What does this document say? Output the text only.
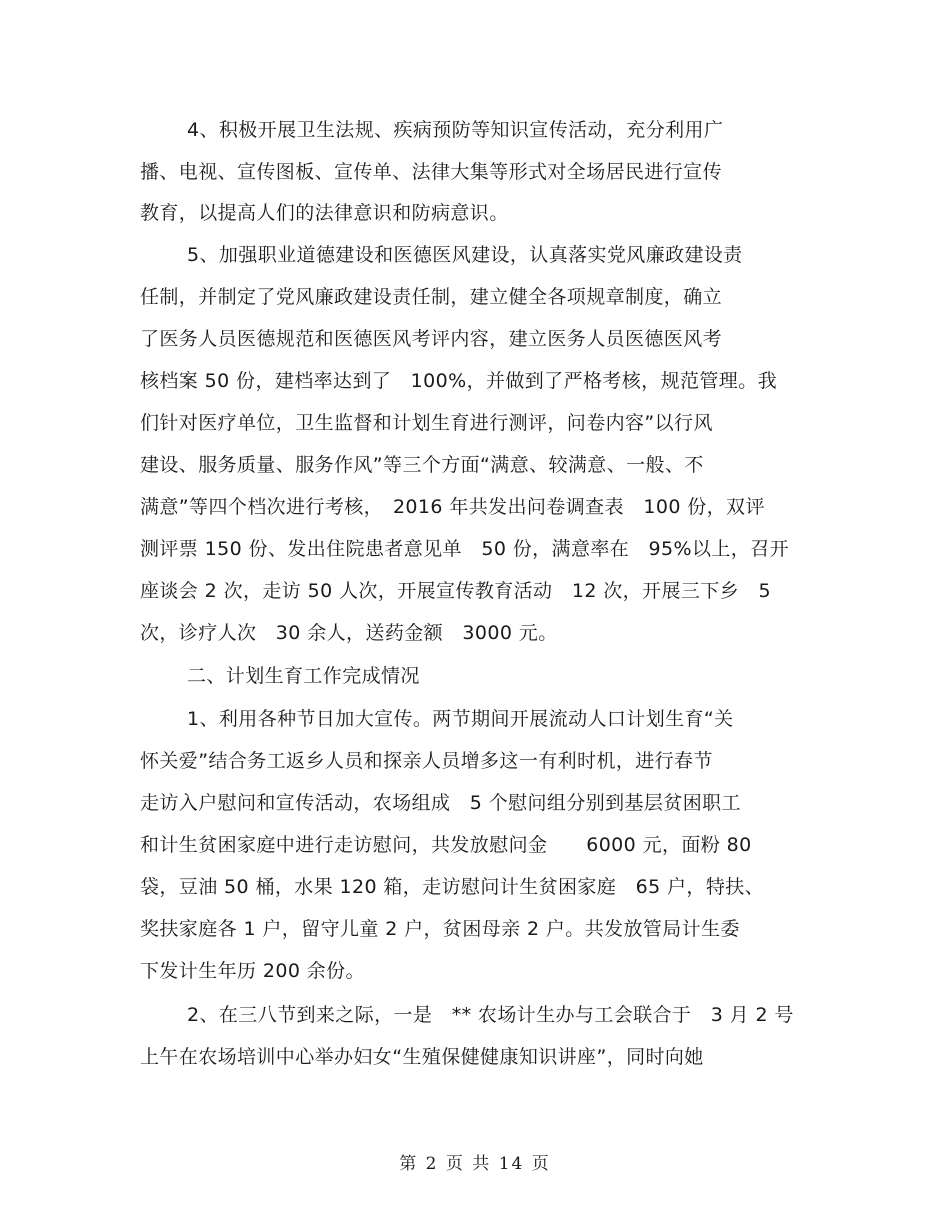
4、积极开展卫生法规、疾病预防等知识宣传活动，充分利用广

播、电视、宣传图板、宣传单、法律大集等形式对全场居民进行宣传

教育，以提高人们的法律意识和防病意识。

5、加强职业道德建设和医德医风建设，认真落实党风廉政建设责

任制，并制定了党风廉政建设责任制，建立健全各项规章制度，确立

了医务人员医德规范和医德医风考评内容，建立医务人员医德医风考

核档案 50 份，建档率达到了　100%，并做到了严格考核，规范管理。我

们针对医疗单位，卫生监督和计划生育进行测评，问卷内容”以行风

建设、服务质量、服务作风”等三个方面“满意、较满意、一般、不

满意”等四个档次进行考核，　2016 年共发出问卷调查表　100 份，双评

测评票 150 份、发出住院患者意见单　50 份，满意率在　95%以上，召开

座谈会 2 次，走访 50 人次，开展宣传教育活动　12 次，开展三下乡　5

次，诊疗人次　30 余人，送药金额　3000 元。

二、计划生育工作完成情况

1、利用各种节日加大宣传。两节期间开展流动人口计划生育“关

怀关爱”结合务工返乡人员和探亲人员增多这一有利时机，进行春节

走访入户慰问和宣传活动，农场组成　5 个慰问组分别到基层贫困职工

和计生贫困家庭中进行走访慰问，共发放慰问金　　6000 元，面粉 80

袋，豆油 50 桶，水果 120 箱，走访慰问计生贫困家庭　65 户，特扶、

奖扶家庭各 1 户，留守儿童 2 户，贫困母亲 2 户。共发放管局计生委

下发计生年历 200 余份。

2、在三八节到来之际，一是　** 农场计生办与工会联合于　3 月 2 号

上午在农场培训中心举办妇女“生殖保健健康知识讲座”，同时向她

第 2 页 共 14 页
